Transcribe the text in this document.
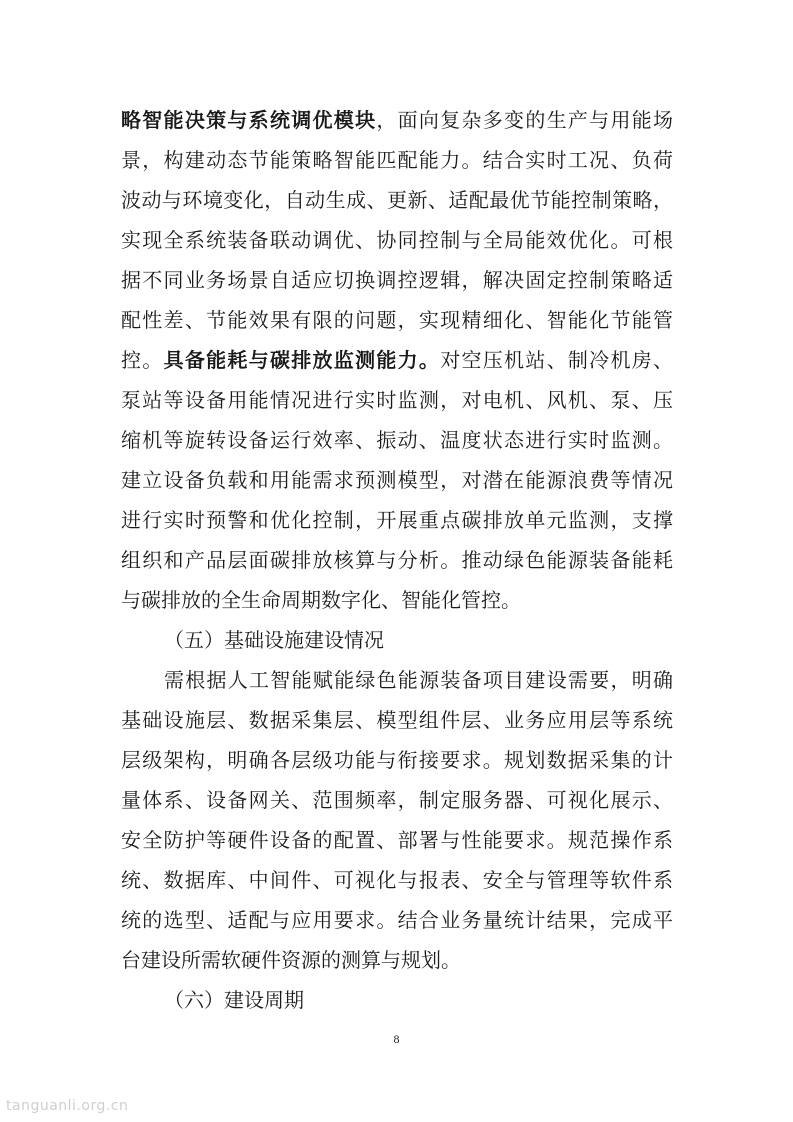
略智能决策与系统调优模块，面向复杂多变的生产与用能场
景，构建动态节能策略智能匹配能力。结合实时工况、负荷
波动与环境变化，自动生成、更新、适配最优节能控制策略，
实现全系统装备联动调优、协同控制与全局能效优化。可根
据不同业务场景自适应切换调控逻辑，解决固定控制策略适
配性差、节能效果有限的问题，实现精细化、智能化节能管
控。具备能耗与碳排放监测能力。对空压机站、制冷机房、
泵站等设备用能情况进行实时监测，对电机、风机、泵、压
缩机等旋转设备运行效率、振动、温度状态进行实时监测。
建立设备负载和用能需求预测模型，对潜在能源浪费等情况
进行实时预警和优化控制，开展重点碳排放单元监测，支撑
组织和产品层面碳排放核算与分析。推动绿色能源装备能耗
与碳排放的全生命周期数字化、智能化管控。
（五）基础设施建设情况
需根据人工智能赋能绿色能源装备项目建设需要，明确
基础设施层、数据采集层、模型组件层、业务应用层等系统
层级架构，明确各层级功能与衔接要求。规划数据采集的计
量体系、设备网关、范围频率，制定服务器、可视化展示、
安全防护等硬件设备的配置、部署与性能要求。规范操作系
统、数据库、中间件、可视化与报表、安全与管理等软件系
统的选型、适配与应用要求。结合业务量统计结果，完成平
台建设所需软硬件资源的测算与规划。
（六）建设周期
8
tanguanli.org.cn
